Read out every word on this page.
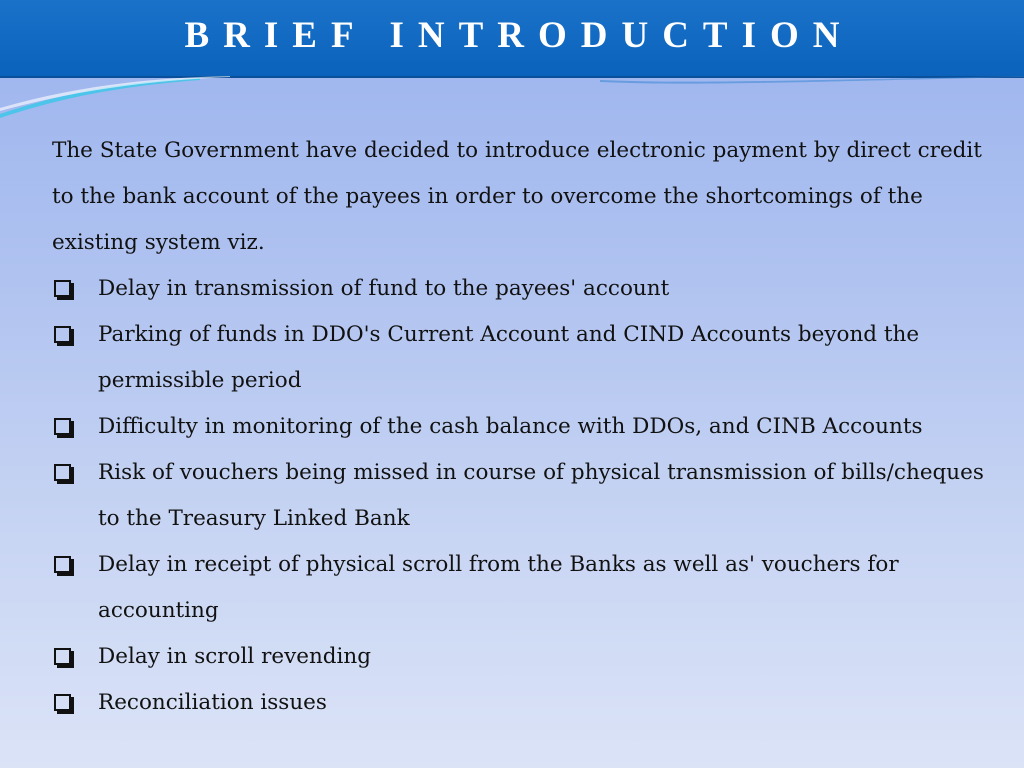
BRIEF INTRODUCTION

The State Government have decided to introduce electronic payment by direct credit to the bank account of the payees in order to overcome the shortcomings of the existing system viz.

Delay in transmission of fund to the payees' account
Parking of funds in DDO's Current Account and CIND Accounts beyond the permissible period
Difficulty in monitoring of the cash balance with DDOs, and CINB Accounts
Risk of vouchers being missed in course of physical transmission of bills/cheques to the Treasury Linked Bank
Delay in receipt of physical scroll from the Banks as well as' vouchers for accounting
Delay in scroll revending
Reconciliation issues
